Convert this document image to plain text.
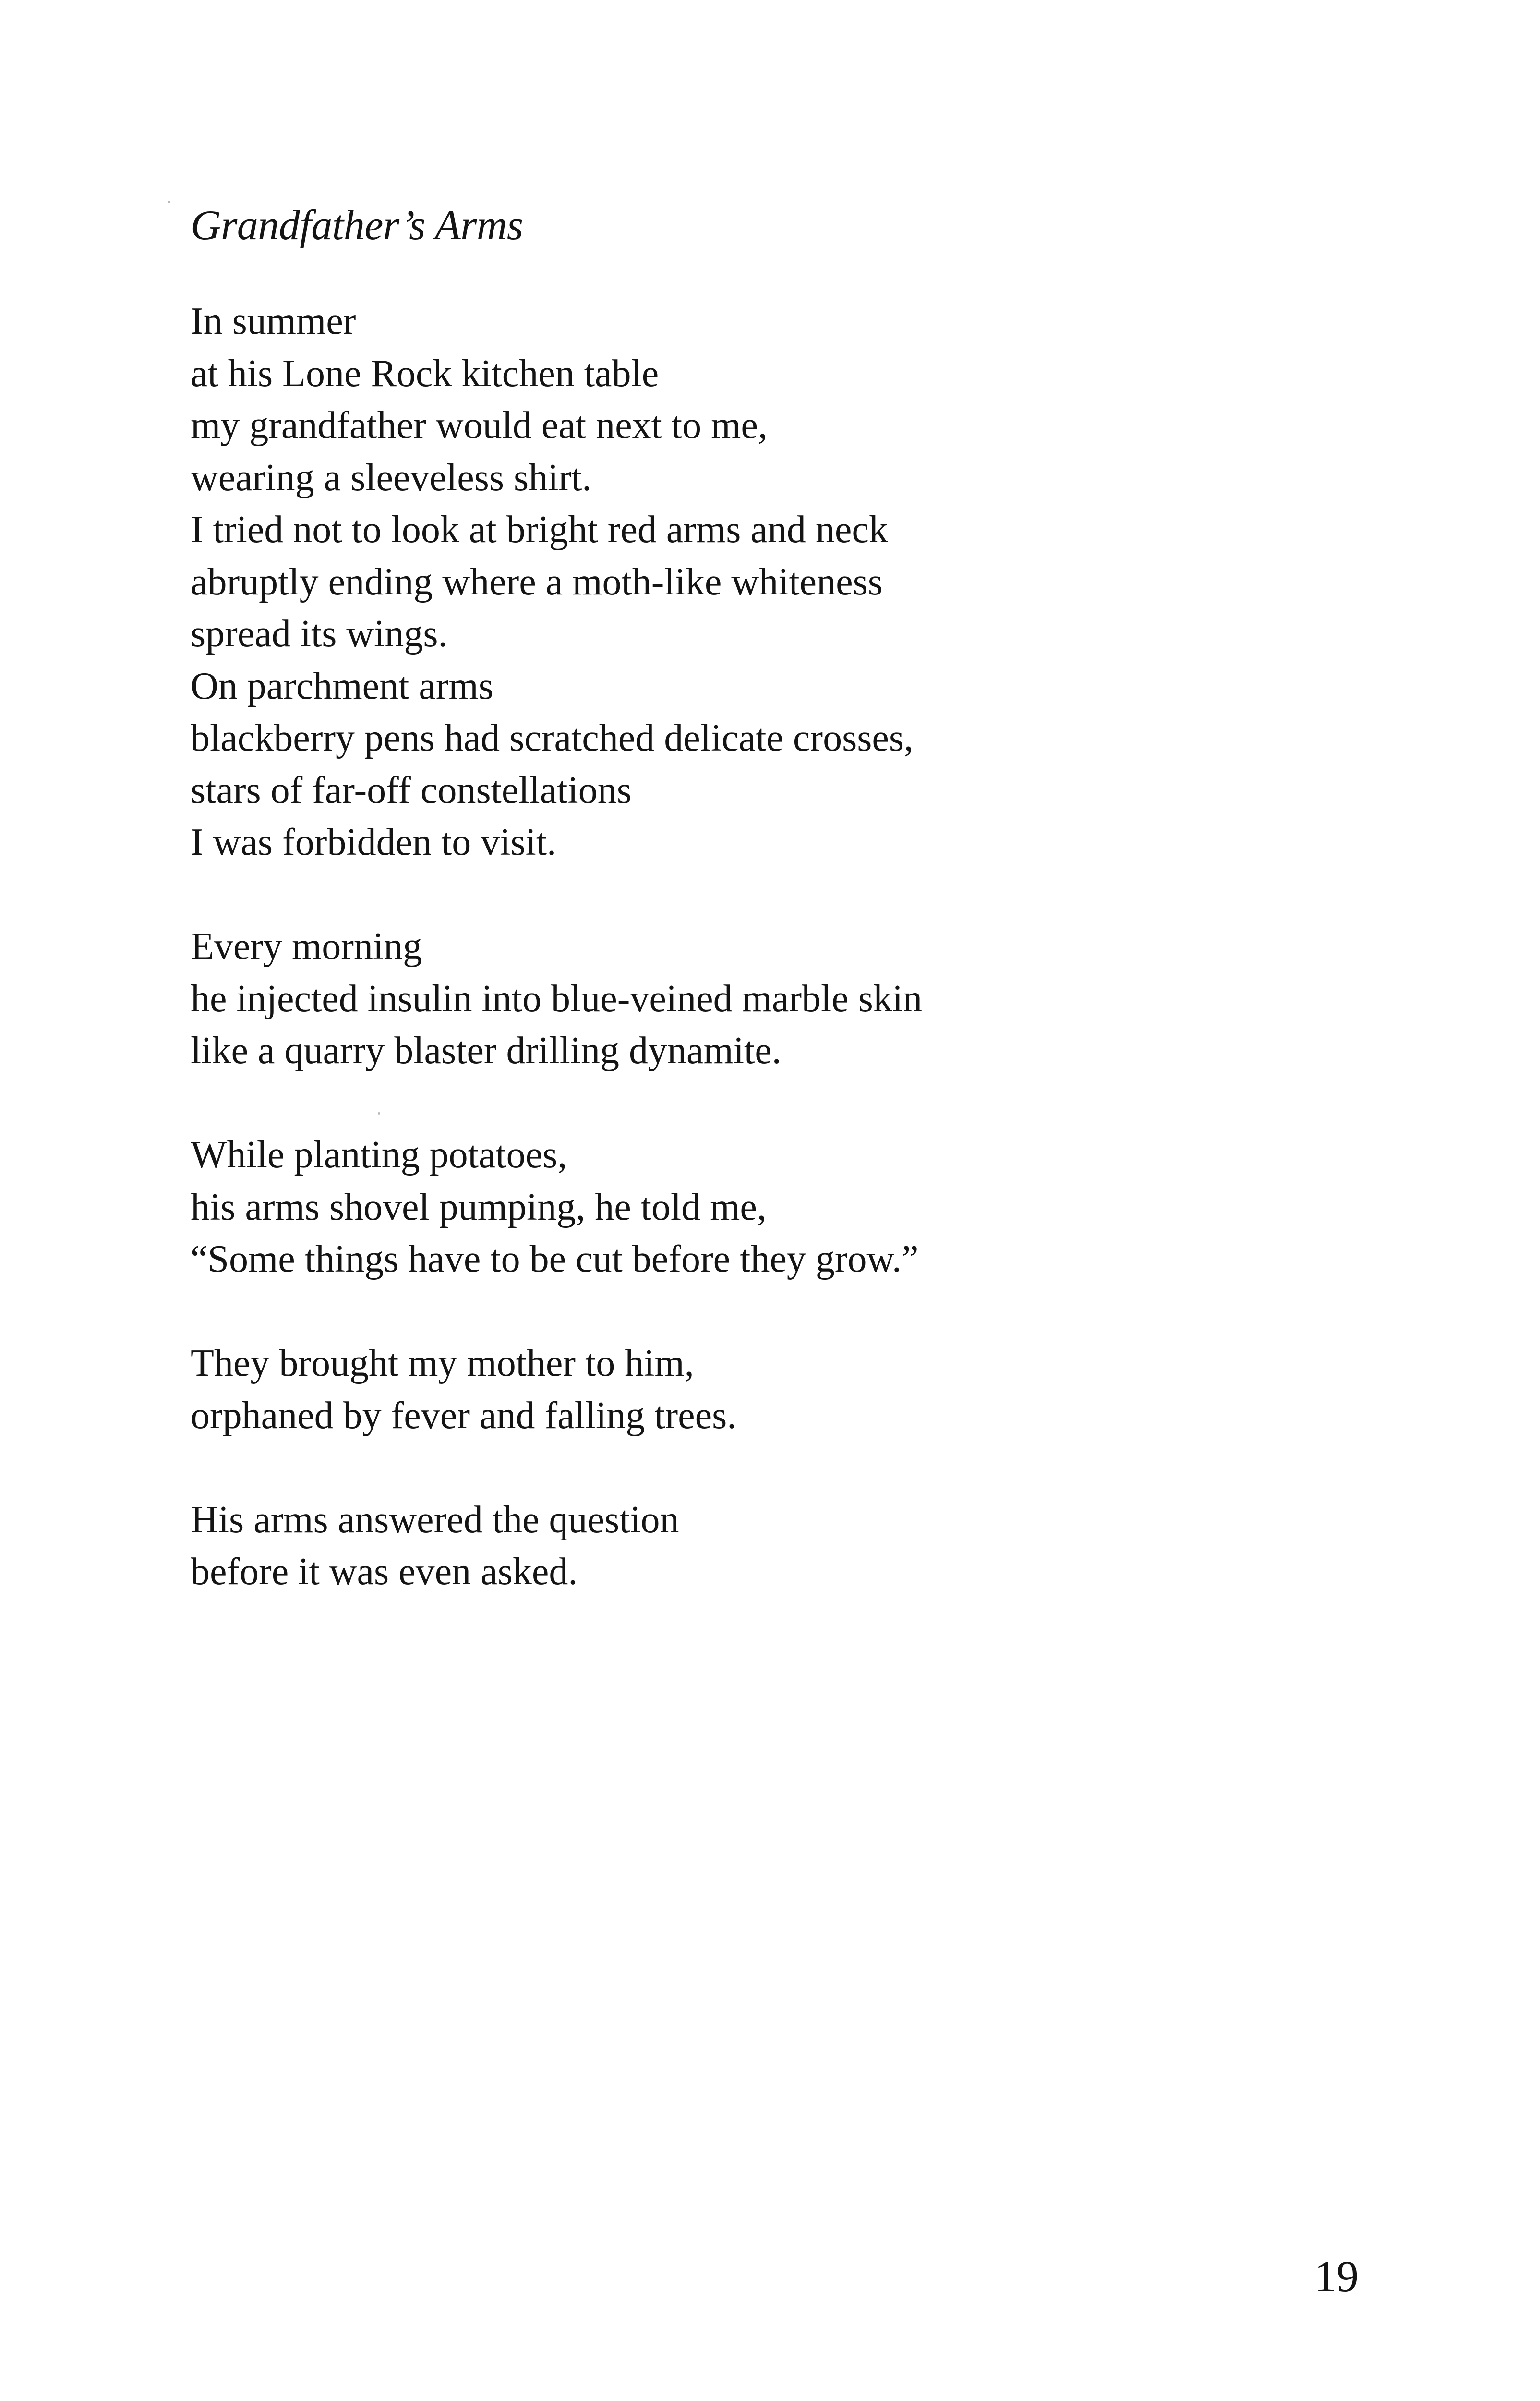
Grandfather’s Arms
In summer
at his Lone Rock kitchen table
my grandfather would eat next to me,
wearing a sleeveless shirt.
I tried not to look at bright red arms and neck
abruptly ending where a moth-like whiteness
spread its wings.
On parchment arms
blackberry pens had scratched delicate crosses,
stars of far-off constellations
I was forbidden to visit.
Every morning
he injected insulin into blue-veined marble skin
like a quarry blaster drilling dynamite.
While planting potatoes,
his arms shovel pumping, he told me,
“Some things have to be cut before they grow.”
They brought my mother to him,
orphaned by fever and falling trees.
His arms answered the question
before it was even asked.
19
